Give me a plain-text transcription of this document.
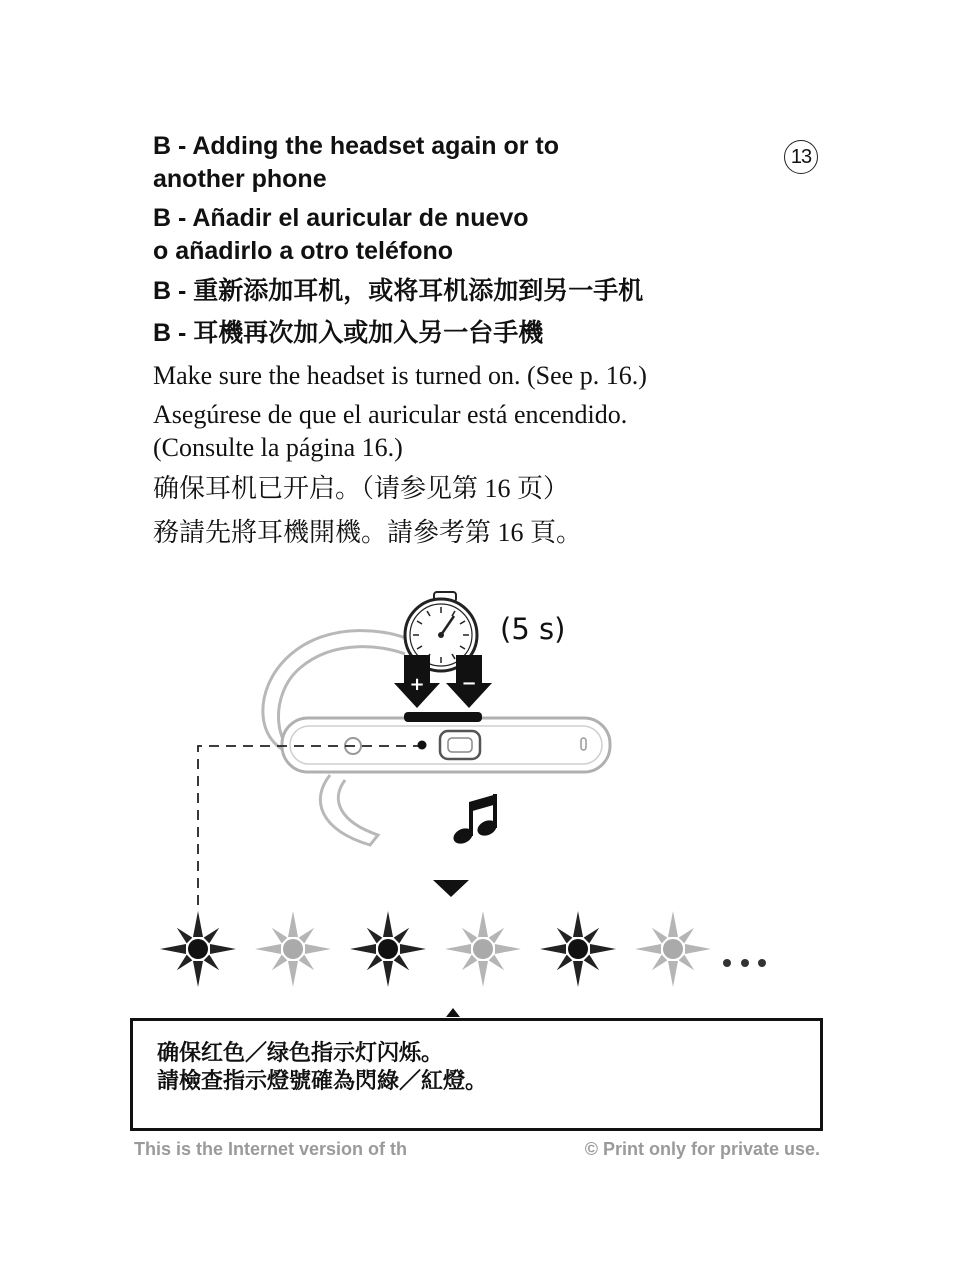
13
B - Adding the headset again or to
another phone
B - Añadir el auricular de nuevo
o añadirlo a otro teléfono
B - 重新添加耳机，或将耳机添加到另一手机
B - 耳機再次加入或加入另一台手機
Make sure the headset is turned on. (See p. 16.)
Asegúrese de que el auricular está encendido.
(Consulte la página 16.)
确保耳机已开启。（请参见第 16 页）
務請先將耳機開機。請參考第 16 頁。
+ −
(5 s)
确保红色／绿色指示灯闪烁。
請檢查指示燈號確為閃綠／紅燈。
This is the Internet version of th	© Print only for private use.
